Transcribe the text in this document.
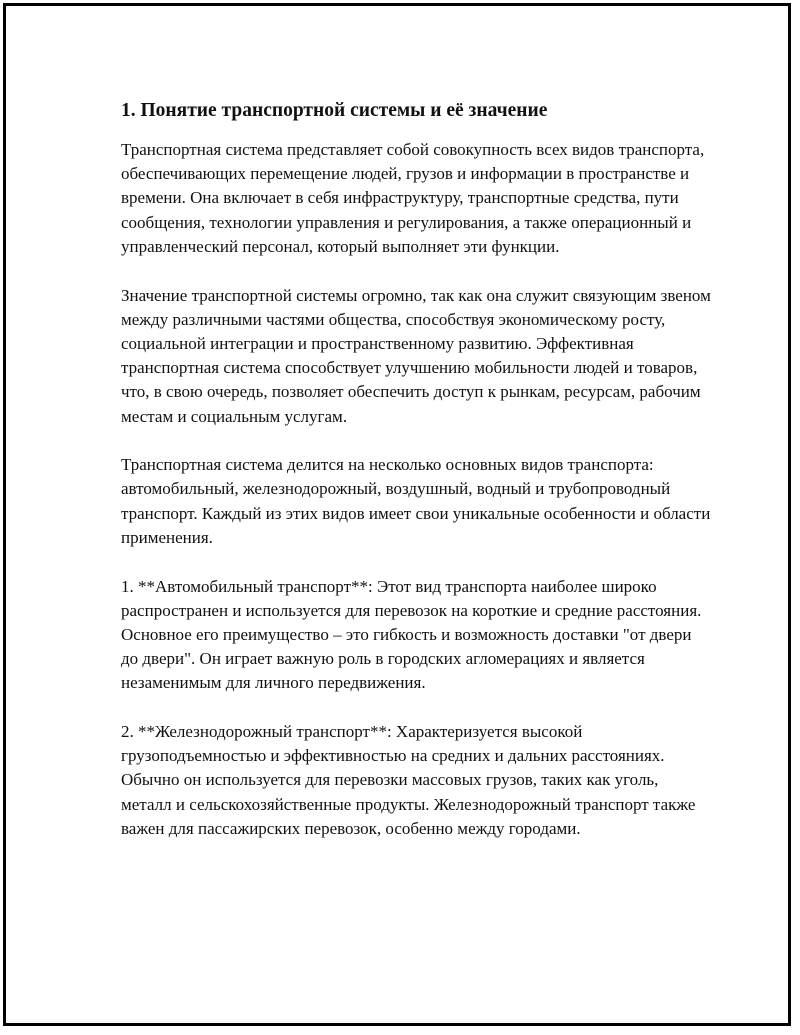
1. Понятие транспортной системы и её значение

Транспортная система представляет собой совокупность всех видов транспорта, обеспечивающих перемещение людей, грузов и информации в пространстве и времени. Она включает в себя инфраструктуру, транспортные средства, пути сообщения, технологии управления и регулирования, а также операционный и управленческий персонал, который выполняет эти функции.

Значение транспортной системы огромно, так как она служит связующим звеном между различными частями общества, способствуя экономическому росту, социальной интеграции и пространственному развитию. Эффективная транспортная система способствует улучшению мобильности людей и товаров, что, в свою очередь, позволяет обеспечить доступ к рынкам, ресурсам, рабочим местам и социальным услугам.

Транспортная система делится на несколько основных видов транспорта: автомобильный, железнодорожный, воздушный, водный и трубопроводный транспорт. Каждый из этих видов имеет свои уникальные особенности и области применения.

1. **Автомобильный транспорт**: Этот вид транспорта наиболее широко распространен и используется для перевозок на короткие и средние расстояния. Основное его преимущество – это гибкость и возможность доставки "от двери до двери". Он играет важную роль в городских агломерациях и является незаменимым для личного передвижения.

2. **Железнодорожный транспорт**: Характеризуется высокой грузоподъемностью и эффективностью на средних и дальних расстояниях. Обычно он используется для перевозки массовых грузов, таких как уголь, металл и сельскохозяйственные продукты. Железнодорожный транспорт также важен для пассажирских перевозок, особенно между городами.
